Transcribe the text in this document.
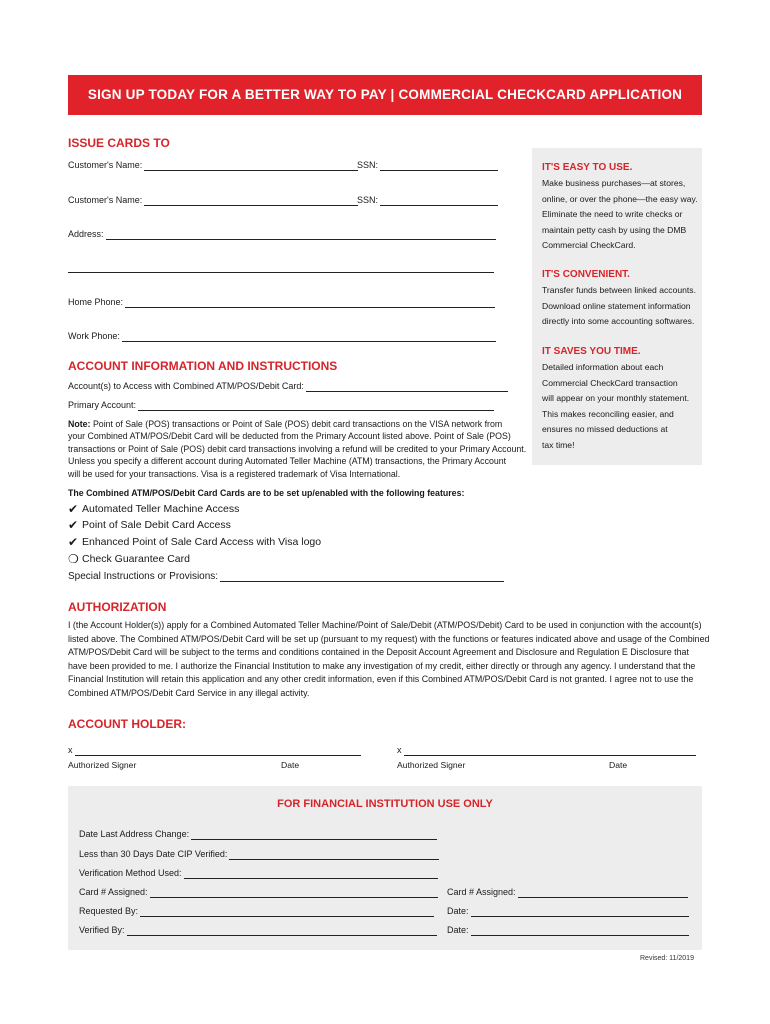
SIGN UP TODAY FOR A BETTER WAY TO PAY | COMMERCIAL CHECKCARD APPLICATION
ISSUE CARDS TO
Customer's Name:	SSN:
Customer's Name:	SSN:
Address:
Home Phone:
Work Phone:
IT'S EASY TO USE.
Make business purchases—at stores,
online, or over the phone—the easy way.
Eliminate the need to write checks or
maintain petty cash by using the DMB
Commercial CheckCard.
IT'S CONVENIENT.
Transfer funds between linked accounts.
Download online statement information
directly into some accounting softwares.
IT SAVES YOU TIME.
Detailed information about each
Commercial CheckCard transaction
will appear on your monthly statement.
This makes reconciling easier, and
ensures no missed deductions at
tax time!
ACCOUNT INFORMATION AND INSTRUCTIONS
Account(s) to Access with Combined ATM/POS/Debit Card:
Primary Account:
Note: Point of Sale (POS) transactions or Point of Sale (POS) debit card transactions on the VISA network from
your Combined ATM/POS/Debit Card will be deducted from the Primary Account listed above. Point of Sale (POS)
transactions or Point of Sale (POS) debit card transactions involving a refund will be credited to your Primary Account.
Unless you specify a different account during Automated Teller Machine (ATM) transactions, the Primary Account
will be used for your transactions. Visa is a registered trademark of Visa International.
The Combined ATM/POS/Debit Card Cards are to be set up/enabled with the following features:
✔ Automated Teller Machine Access
✔ Point of Sale Debit Card Access
✔ Enhanced Point of Sale Card Access with Visa logo
❍ Check Guarantee Card
Special Instructions or Provisions:
AUTHORIZATION
I (the Account Holder(s)) apply for a Combined Automated Teller Machine/Point of Sale/Debit (ATM/POS/Debit) Card to be used in conjunction with the account(s)
listed above. The Combined ATM/POS/Debit Card will be set up (pursuant to my request) with the functions or features indicated above and usage of the Combined
ATM/POS/Debit Card will be subject to the terms and conditions contained in the Deposit Account Agreement and Disclosure and Regulation E Disclosure that
have been provided to me. I authorize the Financial Institution to make any investigation of my credit, either directly or through any agency. I understand that the
Financial Institution will retain this application and any other credit information, even if this Combined ATM/POS/Debit Card is not granted. I agree not to use the
Combined ATM/POS/Debit Card Service in any illegal activity.
ACCOUNT HOLDER:
x
Authorized Signer	Date
x
Authorized Signer	Date
FOR FINANCIAL INSTITUTION USE ONLY
Date Last Address Change:
Less than 30 Days Date CIP Verified:
Verification Method Used:
Card # Assigned:	Card # Assigned:
Requested By:	Date:
Verified By:	Date:
Revised: 11/2019
